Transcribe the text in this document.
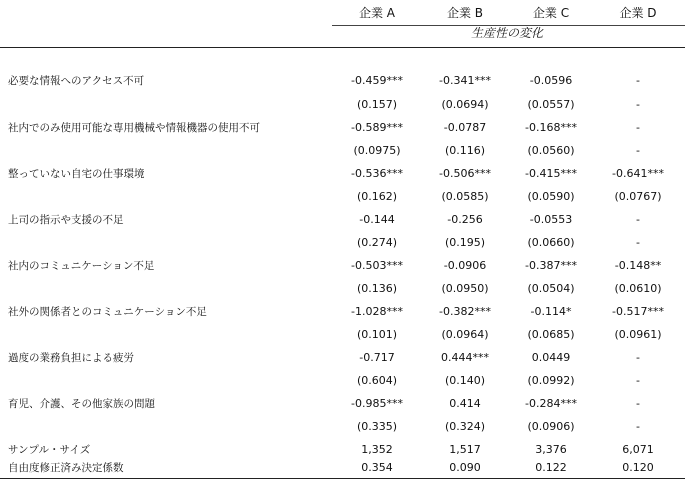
企業 A	企業 B	企業 C	企業 D
生産性の変化
必要な情報へのアクセス不可	-0.459***	-0.341***	-0.0596	-
(0.157)	(0.0694)	(0.0557)	-
社内でのみ使用可能な専用機械や情報機器の使用不可	-0.589***	-0.0787	-0.168***	-
(0.0975)	(0.116)	(0.0560)	-
整っていない自宅の仕事環境	-0.536***	-0.506***	-0.415***	-0.641***
(0.162)	(0.0585)	(0.0590)	(0.0767)
上司の指示や支援の不足	-0.144	-0.256	-0.0553	-
(0.274)	(0.195)	(0.0660)	-
社内のコミュニケーション不足	-0.503***	-0.0906	-0.387***	-0.148**
(0.136)	(0.0950)	(0.0504)	(0.0610)
社外の関係者とのコミュニケーション不足	-1.028***	-0.382***	-0.114*	-0.517***
(0.101)	(0.0964)	(0.0685)	(0.0961)
過度の業務負担による疲労	-0.717	0.444***	0.0449	-
(0.604)	(0.140)	(0.0992)	-
育児、介護、その他家族の問題	-0.985***	0.414	-0.284***	-
(0.335)	(0.324)	(0.0906)	-
サンプル・サイズ	1,352	1,517	3,376	6,071
自由度修正済み決定係数	0.354	0.090	0.122	0.120
